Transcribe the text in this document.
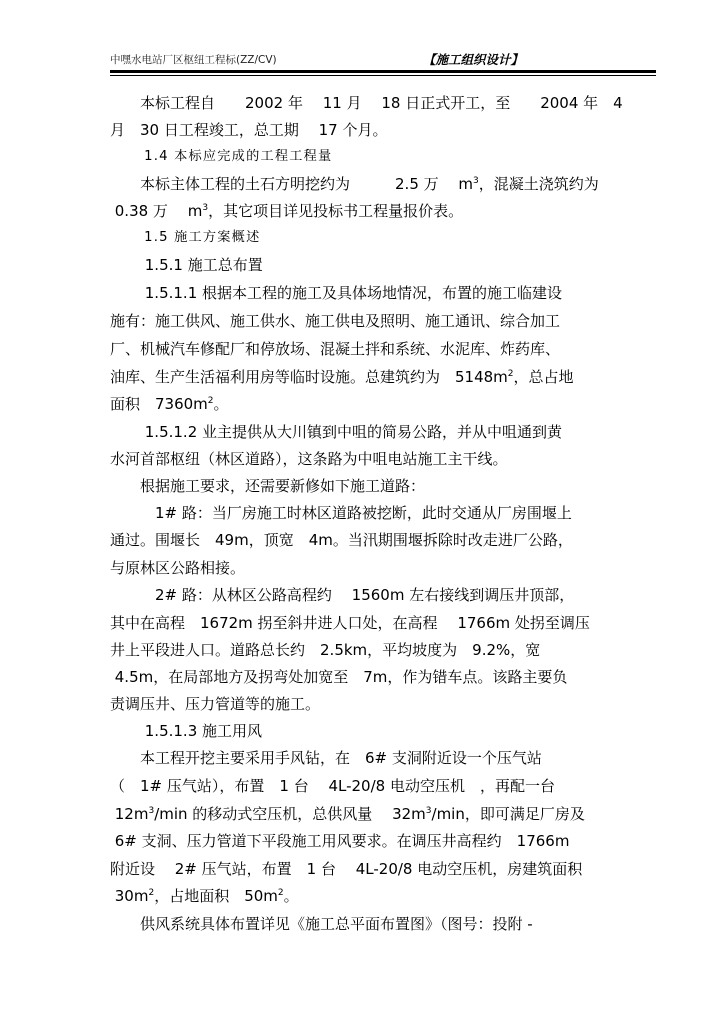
中嘿水电站厂区枢纽工程标(ZZ/CV)	【施工组织设计】
　　本标工程自　　2002 年　 11 月　 18 日正式开工，至　　2004 年　4
月　30 日工程竣工，总工期　 17 个月。
　　 1.4 本标应完成的工程工程量
　　本标主体工程的土石方明挖约为　　　2.5 万　 $m^3$，混凝土浇筑约为
0.38 万　 $m^3$，其它项目详见投标书工程量报价表。
　　 1.5 施工方案概述
　　 1.5.1 施工总布置
　　 1.5.1.1 根据本工程的施工及具体场地情况，布置的施工临建设
施有：施工供风、施工供水、施工供电及照明、施工通讯、综合加工
厂、机械汽车修配厂和停放场、混凝土拌和系统、水泥库、炸药库、
油库、生产生活福利用房等临时设施。总建筑约为　$5148m^2$，总占地
面积　$7360m^2$。
　　 1.5.1.2 业主提供从大川镇到中咀的简易公路，并从中咀通到黄
水河首部枢纽（林区道路），这条路为中咀电站施工主干线。
　　根据施工要求，还需要新修如下施工道路：
　　　1# 路：当厂房施工时林区道路被挖断，此时交通从厂房围堰上
通过。围堰长　49m，顶宽　4m。当汛期围堰拆除时改走进厂公路，
与原林区公路相接。
　　　2# 路：从林区公路高程约　 1560m 左右接线到调压井顶部，
其中在高程　1672m 拐至斜井进人口处，在高程　 1766m 处拐至调压
井上平段进人口。道路总长约　2.5km，平均坡度为　9.2%，宽
4.5m，在局部地方及拐弯处加宽至　7m，作为错车点。该路主要负
责调压井、压力管道等的施工。
　　 1.5.1.3 施工用风
　　本工程开挖主要采用手风钻，在　6# 支洞附近设一个压气站
（　1# 压气站），布置　1 台　 4L-20/8 电动空压机　，再配一台
$12m^3/\min$ 的移动式空压机，总供风量　 $32m^3/\min$，即可满足厂房及
6# 支洞、压力管道下平段施工用风要求。在调压井高程约　1766m
附近设　 2# 压气站，布置　1 台　 4L-20/8 电动空压机，房建筑面积
$30m^2$，占地面积　$50m^2$。
　　供风系统具体布置详见《施工总平面布置图》（图号：投附 -
